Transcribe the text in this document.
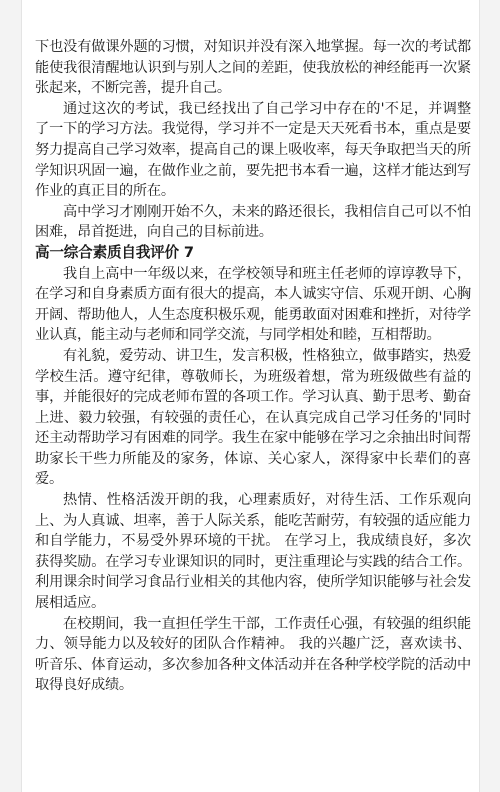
下也没有做课外题的习惯，对知识并没有深入地掌握。每一次的考试都能使我很清醒地认识到与别人之间的差距，使我放松的神经能再一次紧张起来，不断完善，提升自己。

通过这次的考试，我已经找出了自己学习中存在的'不足，并调整了一下的学习方法。我觉得，学习并不一定是天天死看书本，重点是要努力提高自己学习效率，提高自己的课上吸收率，每天争取把当天的所学知识巩固一遍，在做作业之前，要先把书本看一遍，这样才能达到写作业的真正目的所在。

高中学习才刚刚开始不久，未来的路还很长，我相信自己可以不怕困难，昂首挺进，向自己的目标前进。

高一综合素质自我评价 7

我自上高中一年级以来，在学校领导和班主任老师的谆谆教导下，在学习和自身素质方面有很大的提高，本人诚实守信、乐观开朗、心胸开阔、帮助他人，人生态度积极乐观，能勇敢面对困难和挫折，对待学业认真，能主动与老师和同学交流，与同学相处和睦，互相帮助。

有礼貌，爱劳动、讲卫生，发言积极，性格独立，做事踏实，热爱学校生活。遵守纪律，尊敬师长，为班级着想，常为班级做些有益的事，并能很好的完成老师布置的各项工作。学习认真、勤于思考、勤奋上进、毅力较强，有较强的责任心，在认真完成自己学习任务的'同时还主动帮助学习有困难的同学。我生在家中能够在学习之余抽出时间帮助家长干些力所能及的家务，体谅、关心家人，深得家中长辈们的喜爱。

热情、性格活泼开朗的我，心理素质好，对待生活、工作乐观向上、为人真诚、坦率，善于人际关系，能吃苦耐劳，有较强的适应能力和自学能力，不易受外界环境的干扰。 在学习上，我成绩良好，多次获得奖励。在学习专业课知识的同时，更注重理论与实践的结合工作。利用课余时间学习食品行业相关的其他内容，使所学知识能够与社会发展相适应。

在校期间，我一直担任学生干部，工作责任心强，有较强的组织能力、领导能力以及较好的团队合作精神。 我的兴趣广泛，喜欢读书、听音乐、体育运动，多次参加各种文体活动并在各种学校学院的活动中取得良好成绩。
